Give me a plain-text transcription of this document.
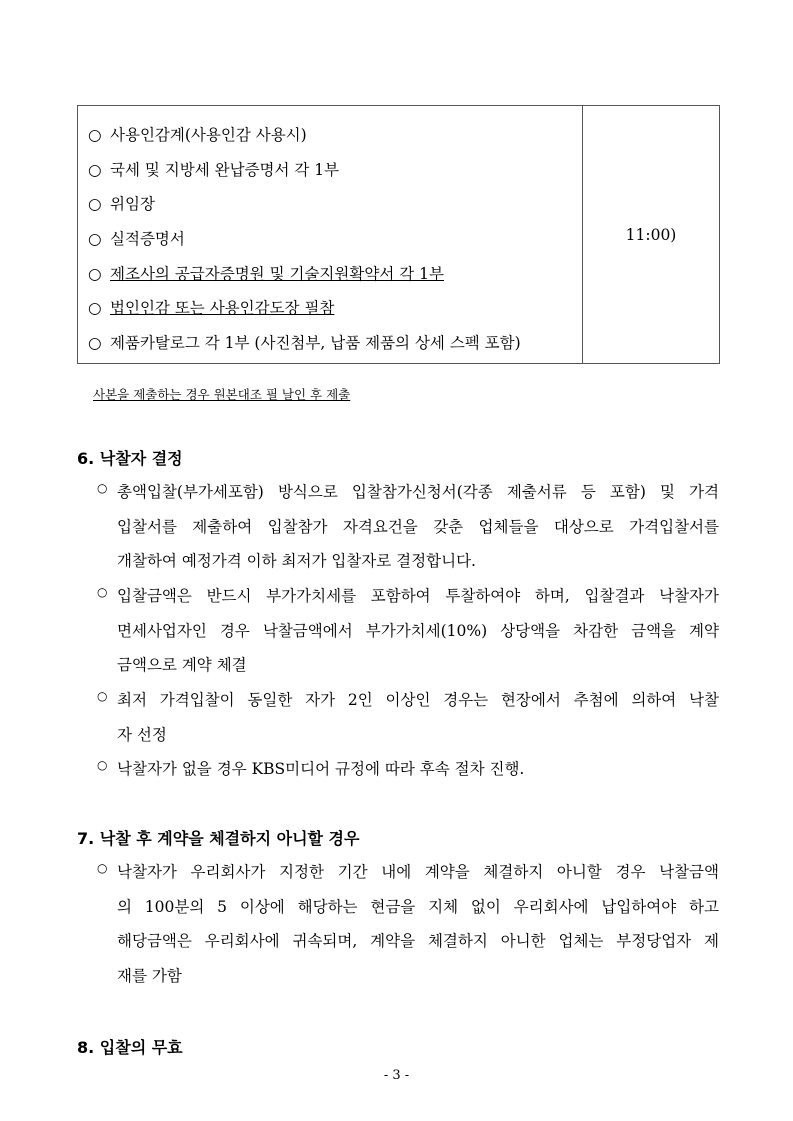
○ 사용인감계(사용인감 사용시)
○ 국세 및 지방세 완납증명서 각 1부
○ 위임장
○ 실적증명서
○ 제조사의 공급자증명원 및 기술지원확약서 각 1부
○ 법인인감 또는 사용인감도장 필참
○ 제품카탈로그 각 1부 (사진첨부, 납품 제품의 상세 스펙 포함)
11:00)
사본을 제출하는 경우 원본대조 필 날인 후 제출
6. 낙찰자 결정
○ 총액입찰(부가세포함) 방식으로 입찰참가신청서(각종 제출서류 등 포함) 및 가격
입찰서를 제출하여 입찰참가 자격요건을 갖춘 업체들을 대상으로 가격입찰서를
개찰하여 예정가격 이하 최저가 입찰자로 결정합니다.
○ 입찰금액은 반드시 부가가치세를 포함하여 투찰하여야 하며, 입찰결과 낙찰자가
면세사업자인 경우 낙찰금액에서 부가가치세(10%) 상당액을 차감한 금액을 계약
금액으로 계약 체결
○ 최저 가격입찰이 동일한 자가 2인 이상인 경우는 현장에서 추첨에 의하여 낙찰
자 선정
○ 낙찰자가 없을 경우 KBS미디어 규정에 따라 후속 절차 진행.
7. 낙찰 후 계약을 체결하지 아니할 경우
○ 낙찰자가 우리회사가 지정한 기간 내에 계약을 체결하지 아니할 경우 낙찰금액
의 100분의 5 이상에 해당하는 현금을 지체 없이 우리회사에 납입하여야 하고
해당금액은 우리회사에 귀속되며, 계약을 체결하지 아니한 업체는 부정당업자 제
재를 가함
8. 입찰의 무효
- 3 -
